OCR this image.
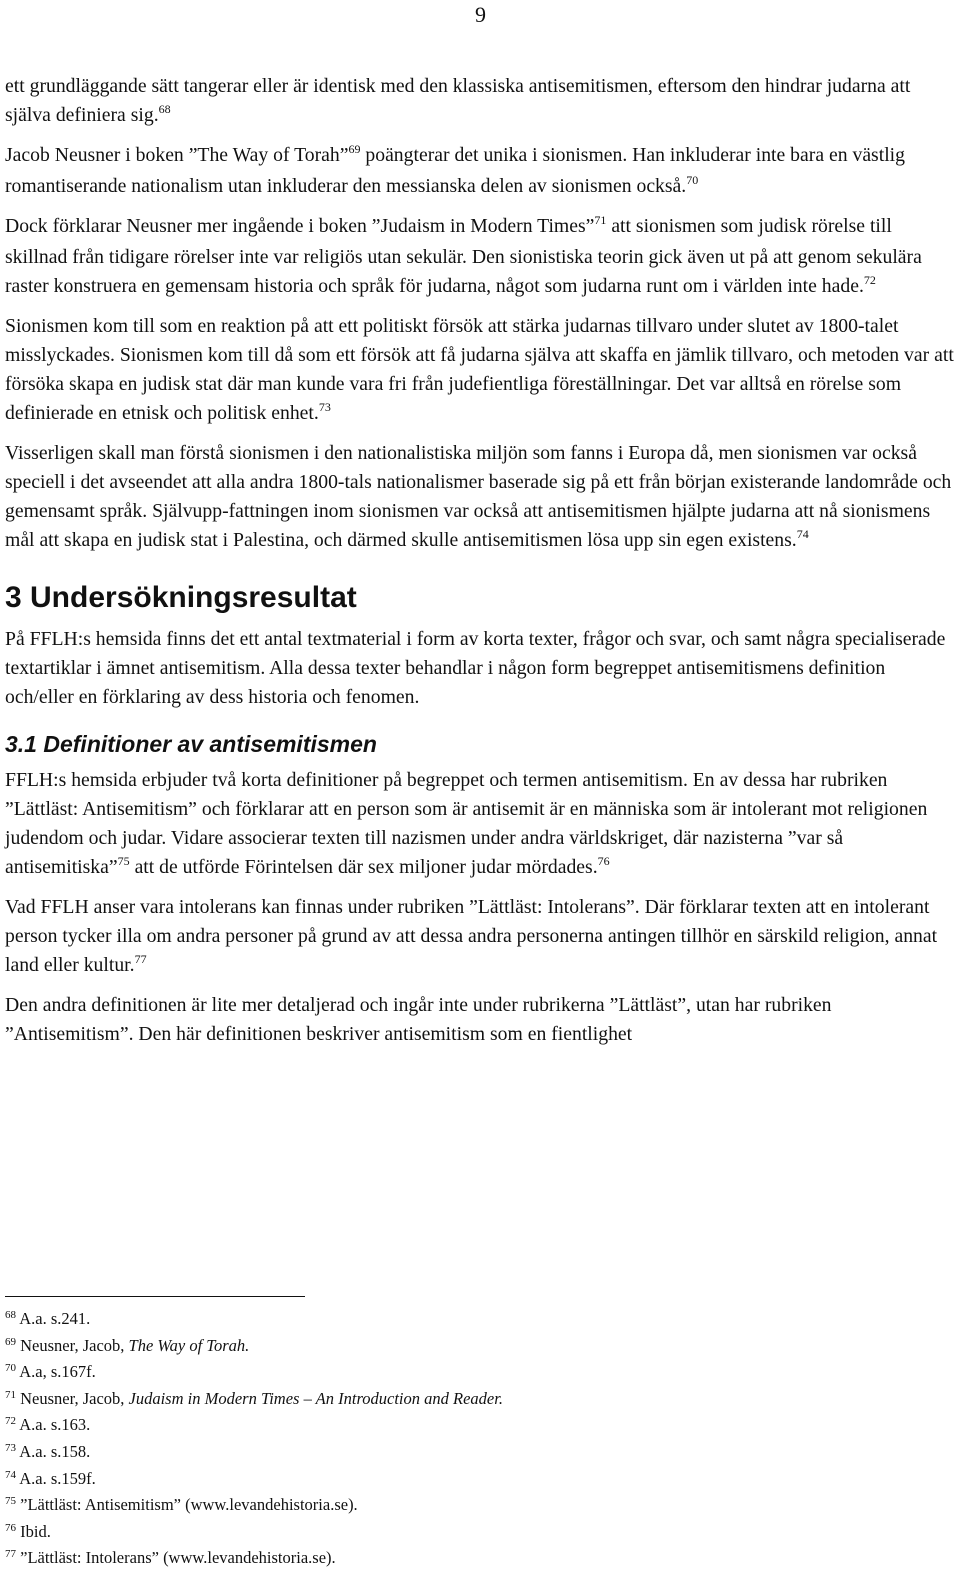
9

ett grundläggande sätt tangerar eller är identisk med den klassiska antisemitismen, eftersom den hindrar judarna att själva definiera sig.$^{68}$

Jacob Neusner i boken ”The Way of Torah”$^{69}$ poängterar det unika i sionismen. Han inkluderar inte bara en västlig romantiserande nationalism utan inkluderar den messianska delen av sionismen också.$^{70}$

Dock förklarar Neusner mer ingående i boken ”Judaism in Modern Times”$^{71}$ att sionismen som judisk rörelse till skillnad från tidigare rörelser inte var religiös utan sekulär. Den sionistiska teorin gick även ut på att genom sekulära raster konstruera en gemensam historia och språk för judarna, något som judarna runt om i världen inte hade.$^{72}$

Sionismen kom till som en reaktion på att ett politiskt försök att stärka judarnas tillvaro under slutet av 1800-talet misslyckades. Sionismen kom till då som ett försök att få judarna själva att skaffa en jämlik tillvaro, och metoden var att försöka skapa en judisk stat där man kunde vara fri från judefientliga föreställningar. Det var alltså en rörelse som definierade en etnisk och politisk enhet.$^{73}$

Visserligen skall man förstå sionismen i den nationalistiska miljön som fanns i Europa då, men sionismen var också speciell i det avseendet att alla andra 1800-tals nationalismer baserade sig på ett från början existerande landområde och gemensamt språk. Självupp-fattningen inom sionismen var också att antisemitismen hjälpte judarna att nå sionismens mål att skapa en judisk stat i Palestina, och därmed skulle antisemitismen lösa upp sin egen existens.$^{74}$

3 Undersökningsresultat

På FFLH:s hemsida finns det ett antal textmaterial i form av korta texter, frågor och svar, och samt några specialiserade textartiklar i ämnet antisemitism. Alla dessa texter behandlar i någon form begreppet antisemitismens definition och/eller en förklaring av dess historia och fenomen.

3.1 Definitioner av antisemitismen

FFLH:s hemsida erbjuder två korta definitioner på begreppet och termen antisemitism. En av dessa har rubriken ”Lättläst: Antisemitism” och förklarar att en person som är antisemit är en människa som är intolerant mot religionen judendom och judar. Vidare associerar texten till nazismen under andra världskriget, där nazisterna ”var så antisemitiska”$^{75}$ att de utförde Förintelsen där sex miljoner judar mördades.$^{76}$

Vad FFLH anser vara intolerans kan finnas under rubriken ”Lättläst: Intolerans”. Där förklarar texten att en intolerant person tycker illa om andra personer på grund av att dessa andra personerna antingen tillhör en särskild religion, annat land eller kultur.$^{77}$

Den andra definitionen är lite mer detaljerad och ingår inte under rubrikerna ”Lättläst”, utan har rubriken ”Antisemitism”. Den här definitionen beskriver antisemitism som en fientlighet

$^{68}$ A.a. s.241.

$^{69}$ Neusner, Jacob, The Way of Torah.

$^{70}$ A.a, s.167f.

$^{71}$ Neusner, Jacob, Judaism in Modern Times – An Introduction and Reader.

$^{72}$ A.a. s.163.

$^{73}$ A.a. s.158.

$^{74}$ A.a. s.159f.

$^{75}$ ”Lättläst: Antisemitism” (www.levandehistoria.se).

$^{76}$ Ibid.

$^{77}$ ”Lättläst: Intolerans” (www.levandehistoria.se).
